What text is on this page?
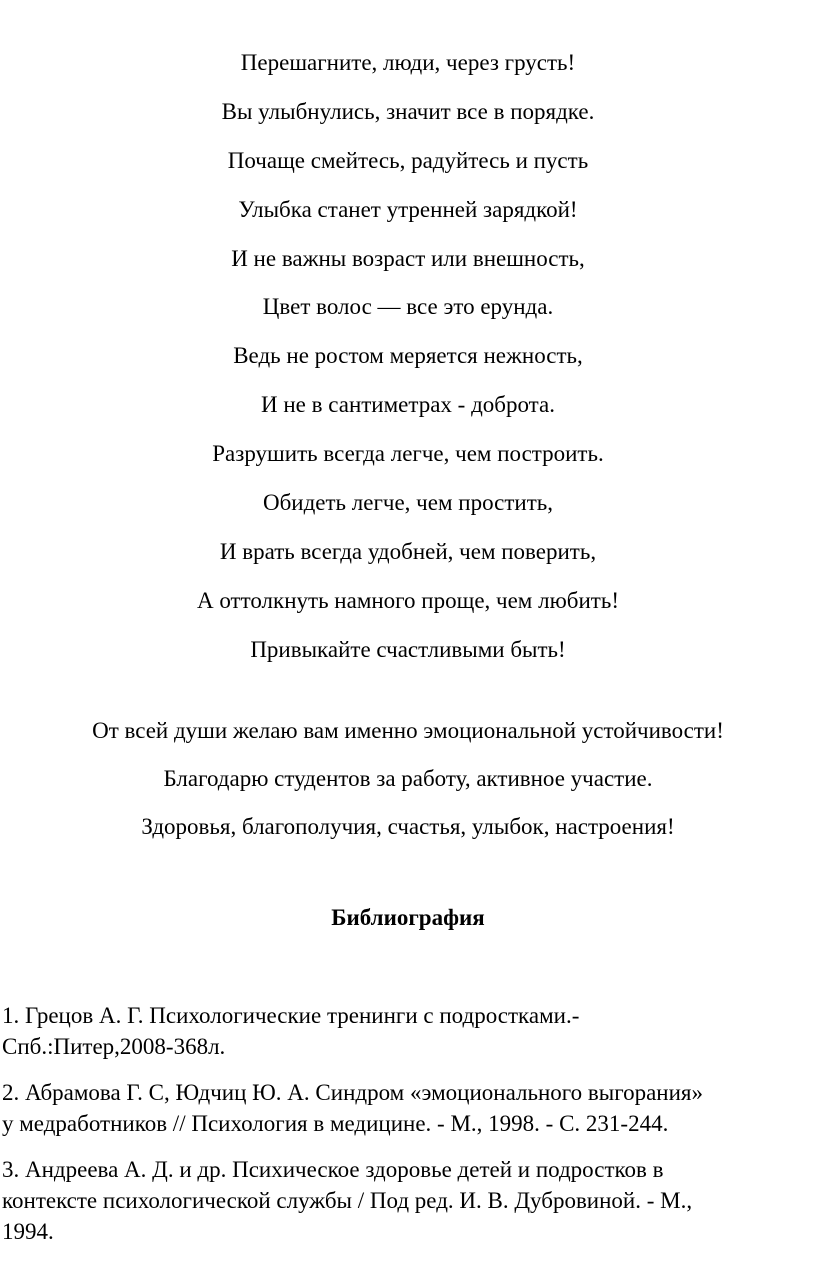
Перешагните, люди, через грусть!
Вы улыбнулись, значит все в порядке.
Почаще смейтесь, радуйтесь и пусть
Улыбка станет утренней зарядкой!
И не важны возраст или внешность,
Цвет волос — все это ерунда.
Ведь не ростом меряется нежность,
И не в сантиметрах - доброта.
Разрушить всегда легче, чем построить.
Обидеть легче, чем простить,
И врать всегда удобней, чем поверить,
А оттолкнуть намного проще, чем любить!
Привыкайте счастливыми быть!
От всей души желаю вам именно эмоциональной устойчивости!
Благодарю студентов за работу, активное участие.
Здоровья, благополучия, счастья, улыбок, настроения!
Библиография
1. Грецов А. Г. Психологические тренинги с подростками.-
Спб.:Питер,2008-368л.
2. Абрамова Г. С, Юдчиц Ю. А. Синдром «эмоционального выгорания»
у медработников // Психология в медицине. - М., 1998. - С. 231-244.
3. Андреева А. Д. и др. Психическое здоровье детей и подростков в
контексте психологической службы / Под ред. И. В. Дубровиной. - М.,
1994.
